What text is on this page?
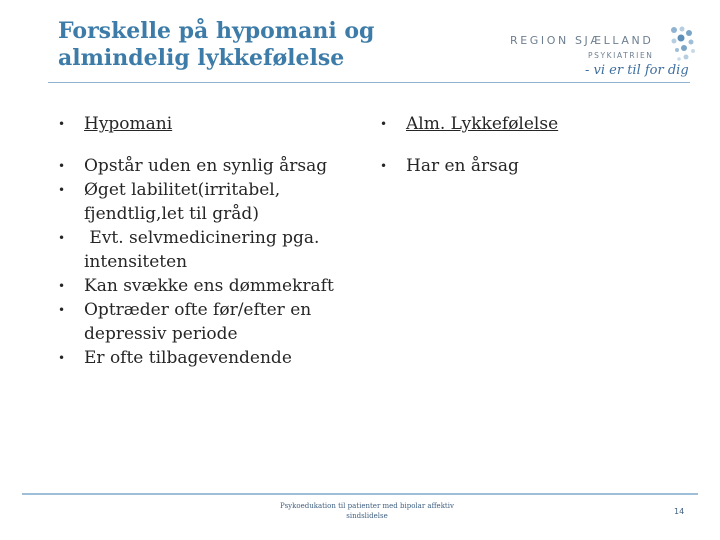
Forskelle på hypomani og almindelig lykkefølelse
REGION SJÆLLAND
PSYKIATRIEN
- vi er til for dig
• Hypomani
• Opstår uden en synlig årsag
• Øget labilitet(irritabel, fjendtlig,let til gråd)
• Evt. selvmedicinering pga. intensiteten
• Kan svække ens dømmekraft
• Optræder ofte før/efter en depressiv periode
• Er ofte tilbagevendende
• Alm. Lykkefølelse
• Har en årsag
Psykoedukation til patienter med bipolar affektiv sindslidelse	14
